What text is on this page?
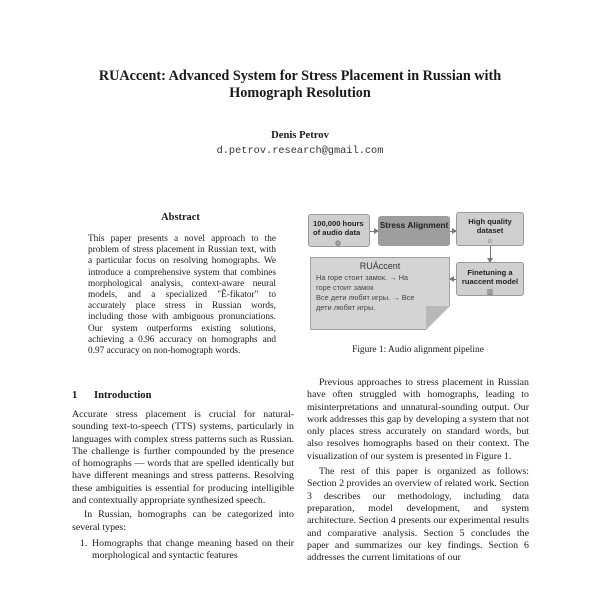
RUAccent: Advanced System for Stress Placement in Russian with
Homograph Resolution
Denis Petrov
d.petrov.research@gmail.com
Abstract
This paper presents a novel approach to the problem of stress placement in Russian text, with a particular focus on resolving homographs. We introduce a comprehensive system that combines morphological analysis, context-aware neural models, and a specialized "Ê-fikator" to accurately place stress in Russian words, including those with ambiguous pronunciations. Our system outperforms existing solutions, achieving a 0.96 accuracy on homographs and 0.97 accuracy on non-homograph words.
1 Introduction

Accurate stress placement is crucial for natural-sounding text-to-speech (TTS) systems, particularly in languages with complex stress patterns such as Russian. The challenge is further compounded by the presence of homographs — words that are spelled identically but have different meanings and stress patterns. Resolving these ambiguities is essential for producing intelligible and contextually appropriate synthesized speech.

In Russian, homographs can be categorized into several types:

1. Homographs that change meaning based on their morphological and syntactic features
100,000 hours of audio data
◍
Stress Alignment	High quality dataset
☺
Finetuning a ruaccent model
▥
RUÁccent
На горе стоит замок. → На
горе стоит замок
Все дети любят игры. → Все
дети любят игры.
Figure 1: Audio alignment pipeline

Previous approaches to stress placement in Russian have often struggled with homographs, leading to misinterpretations and unnatural-sounding output. Our work addresses this gap by developing a system that not only places stress accurately on standard words, but also resolves homographs based on their context. The visualization of our system is presented in Figure 1.

The rest of this paper is organized as follows: Section 2 provides an overview of related work. Section 3 describes our methodology, including data preparation, model development, and system architecture. Section 4 presents our experimental results and comparative analysis. Section 5 concludes the paper and summarizes our key findings. Section 6 addresses the current limitations of our
